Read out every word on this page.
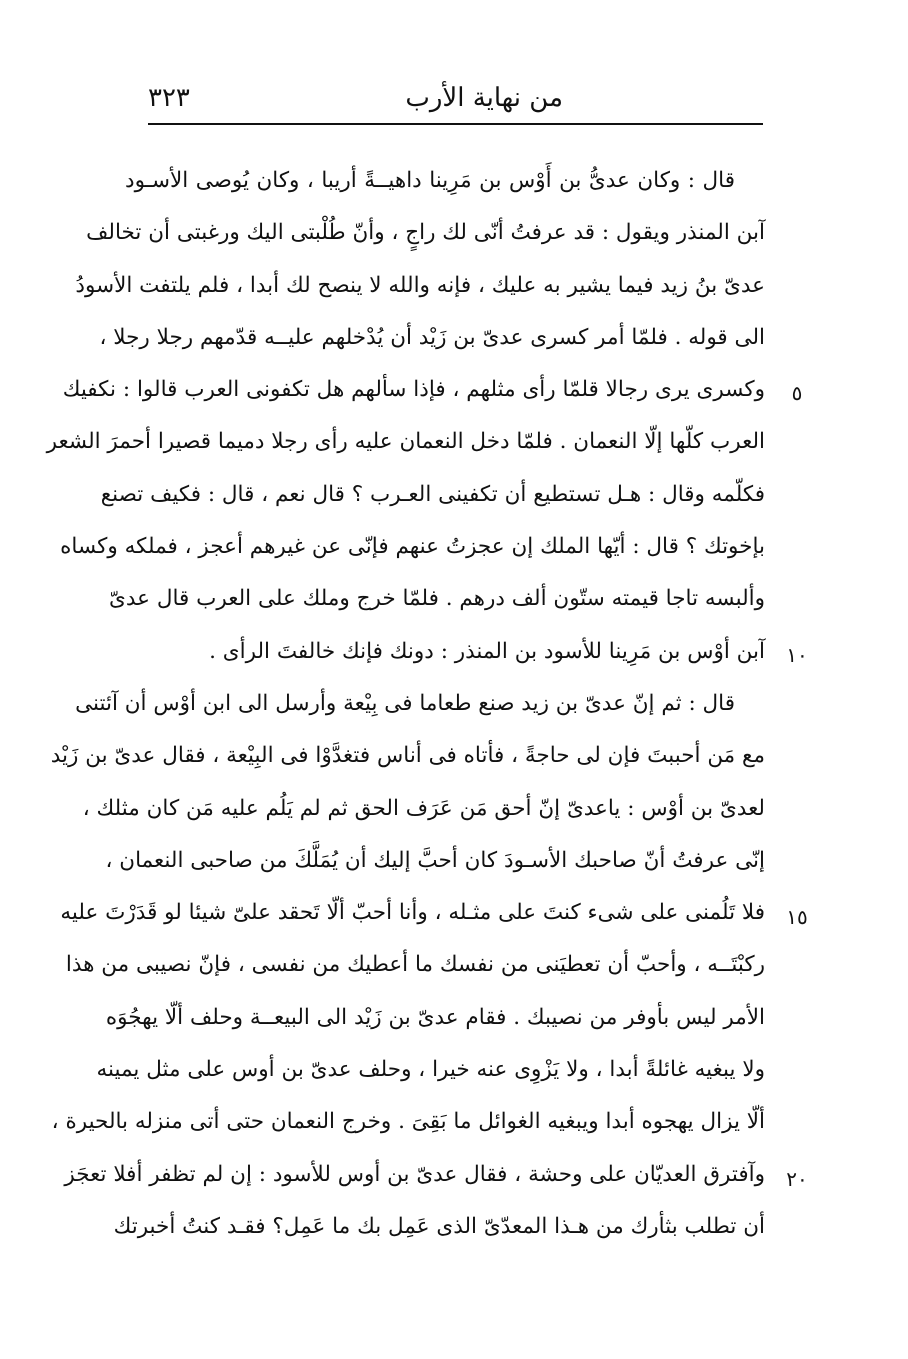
من نهاية الأرب
٣٢٣
قال : وكان عدىُّ بن أَوْس بن مَرِينا داهيــةً أريبا ، وكان يُوصى الأسـود
آبن المنذر ويقول : قد عرفتُ أنّى لك راجٍ ، وأنّ طُلْبتى اليك ورغبتى أن تخالف
عدىّ بنُ زيد فيما يشير به عليك ، فإنه والله لا ينصح لك أبدا ، فلم يلتفت الأسودُ
الى قوله . فلمّا أمر كسرى عدىّ بن زَيْد أن يُدْخلهم عليــه قدّمهم رجلا رجلا ،
وكسرى يرى رجالا قلمّا رأى مثلهم ، فإذا سألهم هل تكفونى العرب قالوا : نكفيك
العرب كلّها إلّا النعمان . فلمّا دخل النعمان عليه رأى رجلا دميما قصيرا أحمرَ الشعر
فكلّمه وقال : هـل تستطيع أن تكفينى العـرب ؟ قال نعم ، قال : فكيف تصنع
بإخوتك ؟ قال : أيّها الملك إن عجزتُ عنهم فإنّى عن غيرهم أعجز ، فملكه وكساه
وألبسه تاجا قيمته ستّون ألف درهم . فلمّا خرج وملك على العرب قال عدىّ
آبن أوْس بن مَرِينا للأسود بن المنذر : دونك فإنك خالفتَ الرأى .
قال : ثم إنّ عدىّ بن زيد صنع طعاما فى بِيْعة وأرسل الى ابن أوْس أن آئتنى
مع مَن أحببتَ فإن لى حاجةً ، فأتاه فى أناس فتغدَّوْا فى البِيْعة ، فقال عدىّ بن زَيْد
لعدىّ بن أوْس : ياعدىّ إنّ أحق مَن عَرَف الحق ثم لم يَلُم عليه مَن كان مثلك ،
إنّى عرفتُ أنّ صاحبك الأسـودَ كان أحبَّ إليك أن يُمَلَّكَ من صاحبى النعمان ،
فلا تَلُمنى على شىء كنتَ على مثـله ، وأنا أحبّ ألّا تَحقد علىّ شيئا لو قَدَرْتَ عليه
ركبْتَــه ، وأحبّ أن تعطيَنى من نفسك ما أعطيك من نفسى ، فإنّ نصيبى من هذا
الأمر ليس بأوفر من نصيبك . فقام عدىّ بن زَيْد الى البيعــة وحلف ألّا يهجُوَه
ولا يبغيه غائلةً أبدا ، ولا يَزْوِى عنه خيرا ، وحلف عدىّ بن أوس على مثل يمينه
ألّا يزال يهجوه أبدا ويبغيه الغوائل ما بَقِىَ . وخرج النعمان حتى أتى منزله بالحيرة ،
وآفترق العديّان على وحشة ، فقال عدىّ بن أوس للأسود : إن لم تظفر أفلا تعجَز
أن تطلب بثأرك من هـذا المعدّىّ الذى عَمِل بك ما عَمِل؟ فقـد كنتُ أخبرتك
٥
١٠
١٥
٢٠
